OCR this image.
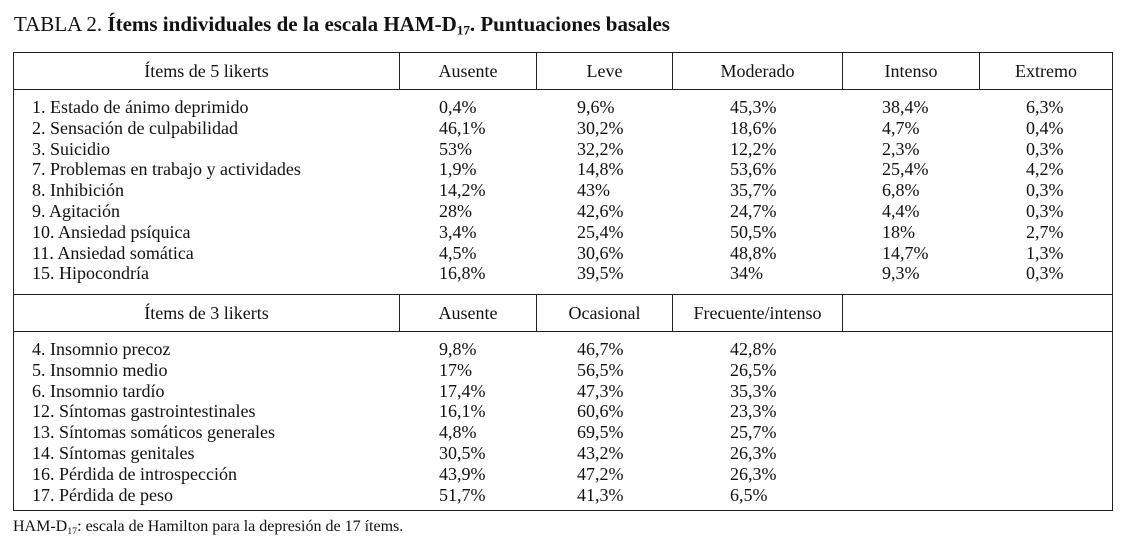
TABLA 2. Ítems individuales de la escala HAM-$D_{17}$. Puntuaciones basales
Ítems de 5 likerts	Ausente	Leve	Moderado	Intenso	Extremo
1. Estado de ánimo deprimido	0,4%	9,6%	45,3%	38,4%	6,3%
2. Sensación de culpabilidad	46,1%	30,2%	18,6%	4,7%	0,4%
3. Suicidio	53%	32,2%	12,2%	2,3%	0,3%
7. Problemas en trabajo y actividades	1,9%	14,8%	53,6%	25,4%	4,2%
8. Inhibición	14,2%	43%	35,7%	6,8%	0,3%
9. Agitación	28%	42,6%	24,7%	4,4%	0,3%
10. Ansiedad psíquica	3,4%	25,4%	50,5%	18%	2,7%
11. Ansiedad somática	4,5%	30,6%	48,8%	14,7%	1,3%
15. Hipocondría	16,8%	39,5%	34%	9,3%	0,3%
Ítems de 3 likerts	Ausente	Ocasional	Frecuente/intenso
4. Insomnio precoz	9,8%	46,7%	42,8%
5. Insomnio medio	17%	56,5%	26,5%
6. Insomnio tardío	17,4%	47,3%	35,3%
12. Síntomas gastrointestinales	16,1%	60,6%	23,3%
13. Síntomas somáticos generales	4,8%	69,5%	25,7%
14. Síntomas genitales	30,5%	43,2%	26,3%
16. Pérdida de introspección	43,9%	47,2%	26,3%
17. Pérdida de peso	51,7%	41,3%	6,5%
HAM-$D_{17}$: escala de Hamilton para la depresión de 17 ítems.
